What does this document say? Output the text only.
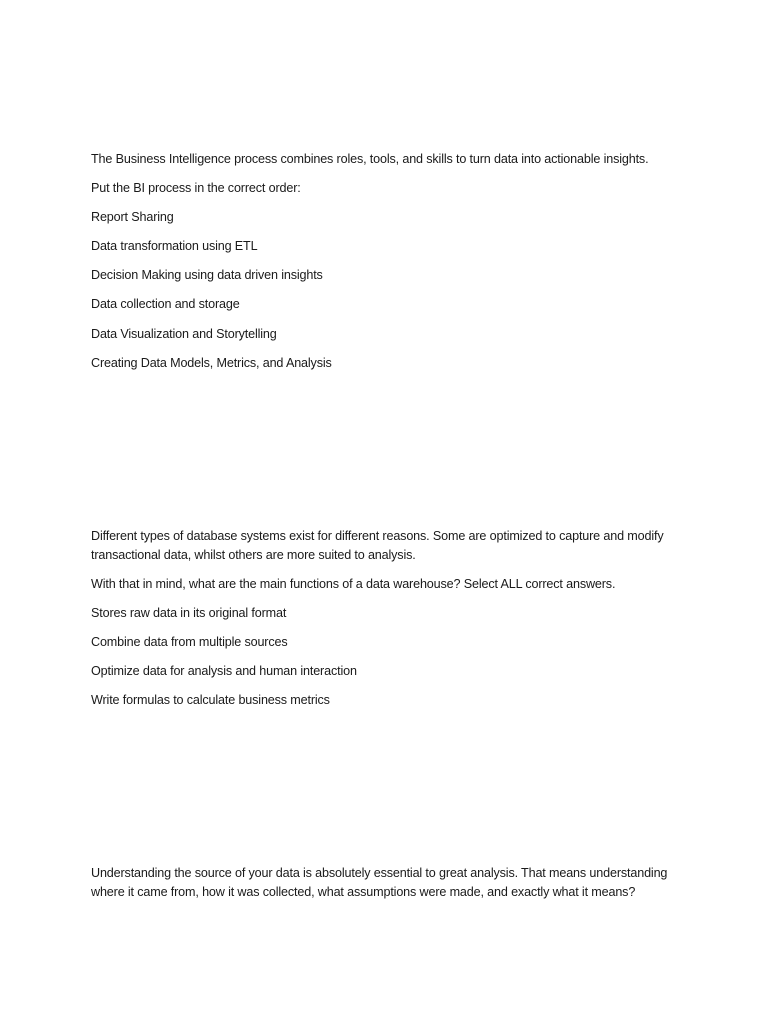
The Business Intelligence process combines roles, tools, and skills to turn data into actionable insights.

Put the BI process in the correct order:

Report Sharing

Data transformation using ETL

Decision Making using data driven insights

Data collection and storage

Data Visualization and Storytelling

Creating Data Models, Metrics, and Analysis

Different types of database systems exist for different reasons. Some are optimized to capture and modify transactional data, whilst others are more suited to analysis.

With that in mind, what are the main functions of a data warehouse? Select ALL correct answers.

Stores raw data in its original format

Combine data from multiple sources

Optimize data for analysis and human interaction

Write formulas to calculate business metrics

Understanding the source of your data is absolutely essential to great analysis. That means understanding where it came from, how it was collected, what assumptions were made, and exactly what it means?
